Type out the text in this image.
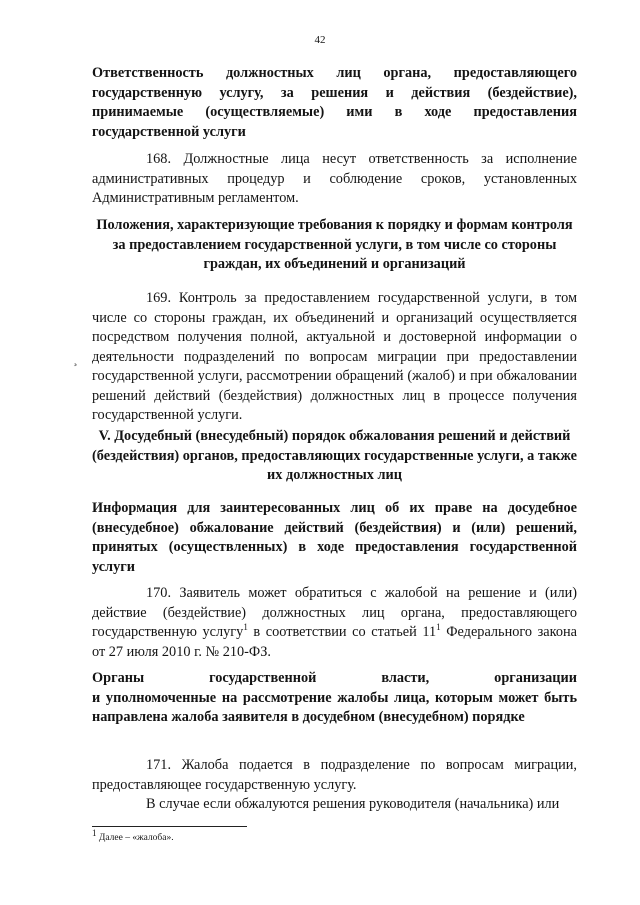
42
Ответственность должностных лиц органа, предоставляющего государственную услугу, за решения и действия (бездействие), принимаемые (осуществляемые) ими в ходе предоставления государственной услуги
168. Должностные лица несут ответственность за исполнение административных процедур и соблюдение сроков, установленных Административным регламентом.
Положения, характеризующие требования к порядку и формам контроля за предоставлением государственной услуги, в том числе со стороны граждан, их объединений и организаций
169. Контроль за предоставлением государственной услуги, в том числе со стороны граждан, их объединений и организаций осуществляется посредством получения полной, актуальной и достоверной информации о деятельности подразделений по вопросам миграции при предоставлении государственной услуги, рассмотрении обращений (жалоб) и при обжаловании решений действий (бездействия) должностных лиц в процессе получения государственной услуги.
¸
V. Досудебный (внесудебный) порядок обжалования решений и действий (бездействия) органов, предоставляющих государственные услуги, а также их должностных лиц
Информация для заинтересованных лиц об их праве на досудебное (внесудебное) обжалование действий (бездействия) и (или) решений, принятых (осуществленных) в ходе предоставления государственной услуги
170. Заявитель может обратиться с жалобой на решение и (или) действие (бездействие) должностных лиц органа, предоставляющего государственную услугу$^1$ в соответствии со статьей $11^1$ Федерального закона от 27 июля 2010 г. № 210-ФЗ.
Органы государственной власти, организации
и уполномоченные на рассмотрение жалобы лица, которым может быть направлена жалоба заявителя в досудебном (внесудебном) порядке
171. Жалоба подается в подразделение по вопросам миграции, предоставляющее государственную услугу.
В случае если обжалуются решения руководителя (начальника) или
$^1$ Далее – «жалоба».
